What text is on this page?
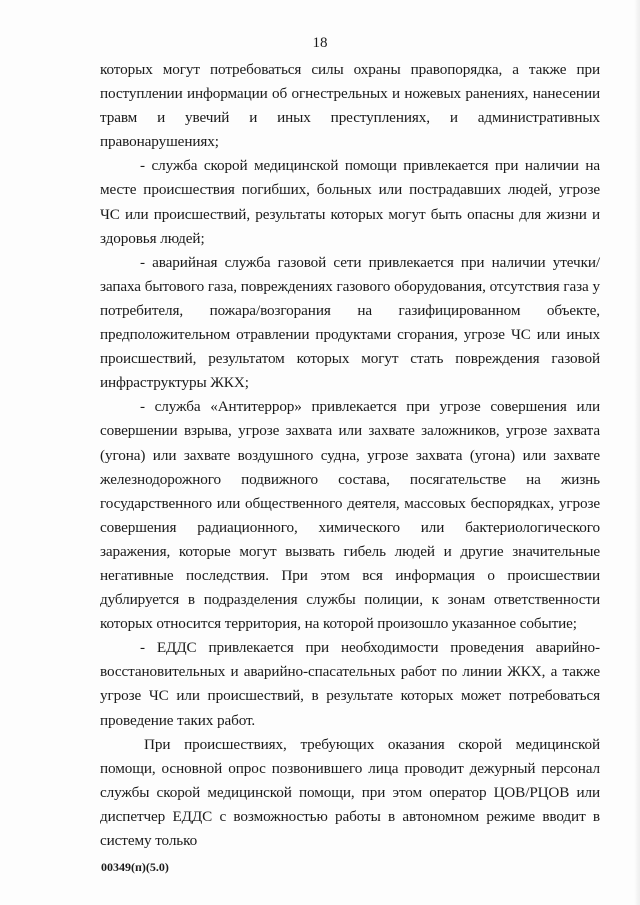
18

которых могут потребоваться силы охраны правопорядка, а также при поступлении информации об огнестрельных и ножевых ранениях, нанесении травм и увечий и иных преступлениях, и административных правонарушениях;

- служба скорой медицинской помощи привлекается при наличии на месте происшествия погибших, больных или пострадавших людей, угрозе ЧС или происшествий, результаты которых могут быть опасны для жизни и здоровья людей;

- аварийная служба газовой сети привлекается при наличии утечки/запаха бытового газа, повреждениях газового оборудования, отсутствия газа у потребителя, пожара/возгорания на газифицированном объекте, предположительном отравлении продуктами сгорания, угрозе ЧС или иных происшествий, результатом которых могут стать повреждения газовой инфраструктуры ЖКХ;

- служба «Антитеррор» привлекается при угрозе совершения или совершении взрыва, угрозе захвата или захвате заложников, угрозе захвата (угона) или захвате воздушного судна, угрозе захвата (угона) или захвате железнодорожного подвижного состава, посягательстве на жизнь государственного или общественного деятеля, массовых беспорядках, угрозе совершения радиационного, химического или бактериологического заражения, которые могут вызвать гибель людей и другие значительные негативные последствия. При этом вся информация о происшествии дублируется в подразделения службы полиции, к зонам ответственности которых относится территория, на которой произошло указанное событие;

- ЕДДС привлекается при необходимости проведения аварийно-восстановительных и аварийно-спасательных работ по линии ЖКХ, а также угрозе ЧС или происшествий, в результате которых может потребоваться проведение таких работ.

При происшествиях, требующих оказания скорой медицинской помощи, основной опрос позвонившего лица проводит дежурный персонал службы скорой медицинской помощи, при этом оператор ЦОВ/РЦОВ или диспетчер ЕДДС с возможностью работы в автономном режиме вводит в систему только

00349(п)(5.0)
